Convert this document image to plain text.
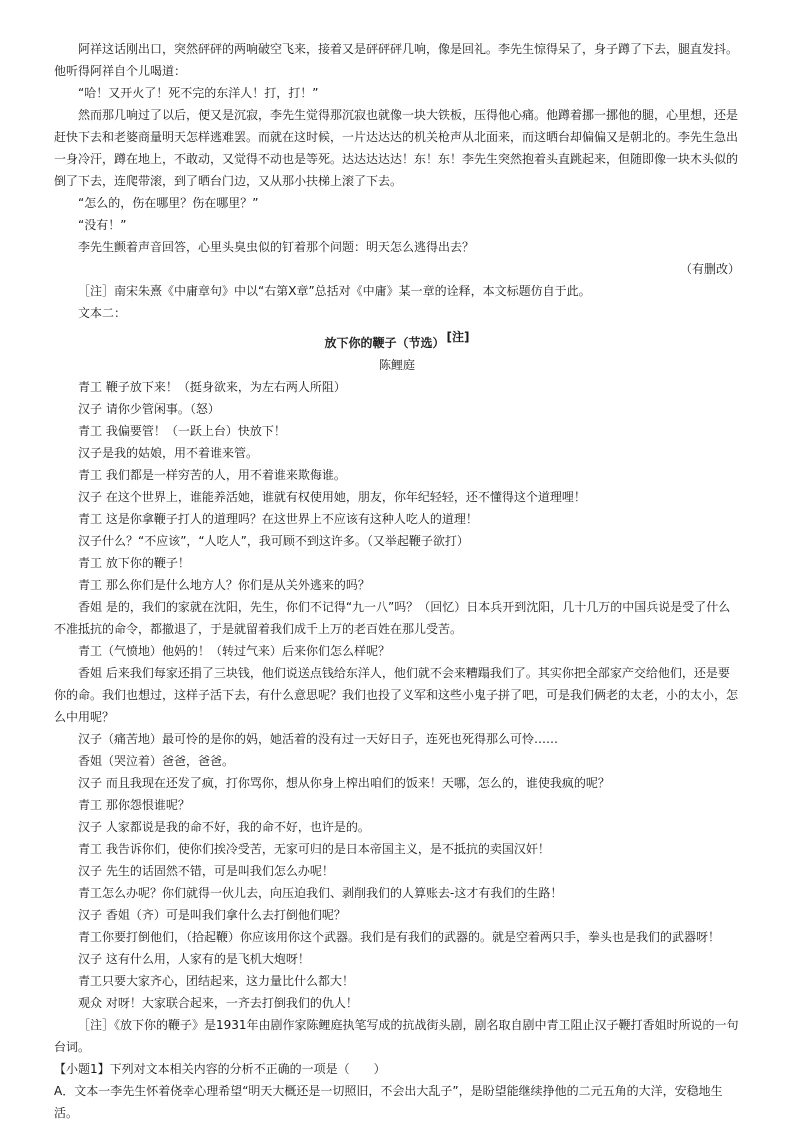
阿祥这话刚出口，突然砰砰的两响破空飞来，接着又是砰砰砰几响，像是回礼。李先生惊得呆了，身子蹲了下去，腿直发抖。他听得阿祥自个儿喝道：

“哈！又开火了！死不完的东洋人！打，打！”

然而那几响过了以后，便又是沉寂，李先生觉得那沉寂也就像一块大铁板，压得他心痛。他蹲着挪一挪他的腿，心里想，还是赶快下去和老婆商量明天怎样逃难罢。而就在这时候，一片达达达的机关枪声从北面来，而这晒台却偏偏又是朝北的。李先生急出一身冷汗，蹲在地上，不敢动，又觉得不动也是等死。达达达达达！东！东！李先生突然抱着头直跳起来，但随即像一块木头似的倒了下去，连爬带滚，到了晒台门边，又从那小扶梯上滚了下去。

“怎么的，伤在哪里？伤在哪里？”

“没有！”

李先生颤着声音回答，心里头臭虫似的钉着那个问题：明天怎么逃得出去？

（有删改）

［注］南宋朱熹《中庸章句》中以“右第X章”总括对《中庸》某一章的诠释，本文标题仿自于此。

文本二：

放下你的鞭子（节选） [注]

陈鲤庭

青工 鞭子放下来！（挺身欲来，为左右两人所阻）

汉子 请你少管闲事。（怒）

青工 我偏要管！（一跃上台）快放下！

汉子是我的姑娘，用不着谁来管。

青工 我们都是一样穷苦的人，用不着谁来欺侮谁。

汉子 在这个世界上，谁能养活她，谁就有权使用她，朋友，你年纪轻轻，还不懂得这个道理哩！

青工 这是你拿鞭子打人的道理吗？在这世界上不应该有这种人吃人的道理！

汉子什么？“不应该”，“人吃人”，我可顾不到这许多。（又举起鞭子欲打）

青工 放下你的鞭子！

青工 那么你们是什么地方人？你们是从关外逃来的吗？

香姐 是的，我们的家就在沈阳，先生，你们不记得“九一八”吗？（回忆）日本兵开到沈阳，几十几万的中国兵说是受了什么不准抵抗的命令，都撤退了，于是就留着我们成千上万的老百姓在那儿受苦。

青工（气愤地）他妈的！（转过气来）后来你们怎么样呢？

香姐 后来我们每家还捐了三块钱，他们说送点钱给东洋人，他们就不会来糟蹋我们了。其实你把全部家产交给他们，还是要你的命。我们也想过，这样子活下去，有什么意思呢？我们也投了义军和这些小鬼子拼了吧，可是我们俩老的太老，小的太小，怎么中用呢？

汉子（痛苦地）最可怜的是你的妈，她活着的没有过一天好日子，连死也死得那么可怜……

香姐（哭泣着）爸爸，爸爸。

汉子 而且我现在还发了疯，打你骂你，想从你身上榨出咱们的饭来！天哪，怎么的，谁使我疯的呢？

青工 那你怨恨谁呢？

汉子 人家都说是我的命不好，我的命不好，也许是的。

青工 我告诉你们，使你们挨冷受苦，无家可归的是日本帝国主义，是不抵抗的卖国汉奸！

汉子 先生的话固然不错，可是叫我们怎么办呢！

青工怎么办呢？你们就得一伙儿去，向压迫我们、剥削我们的人算账去-这才有我们的生路！

汉子 香姐（齐）可是叫我们拿什么去打倒他们呢？

青工你要打倒他们，（拾起鞭）你应该用你这个武器。我们是有我们的武器的。就是空着两只手，拳头也是我们的武器呀！

汉子 这有什么用，人家有的是飞机大炮呀！

青工只要大家齐心，团结起来，这力量比什么都大！

观众 对呀！大家联合起来，一齐去打倒我们的仇人！

［注］《放下你的鞭子》是1931年由剧作家陈鲤庭执笔写成的抗战街头剧，剧名取自剧中青工阻止汉子鞭打香姐时所说的一句台词。

【小题1】下列对文本相关内容的分析不正确的一项是（　　）

A．文本一李先生怀着侥幸心理希望“明天大概还是一切照旧，不会出大乱子”，是盼望能继续挣他的二元五角的大洋，安稳地生活。
